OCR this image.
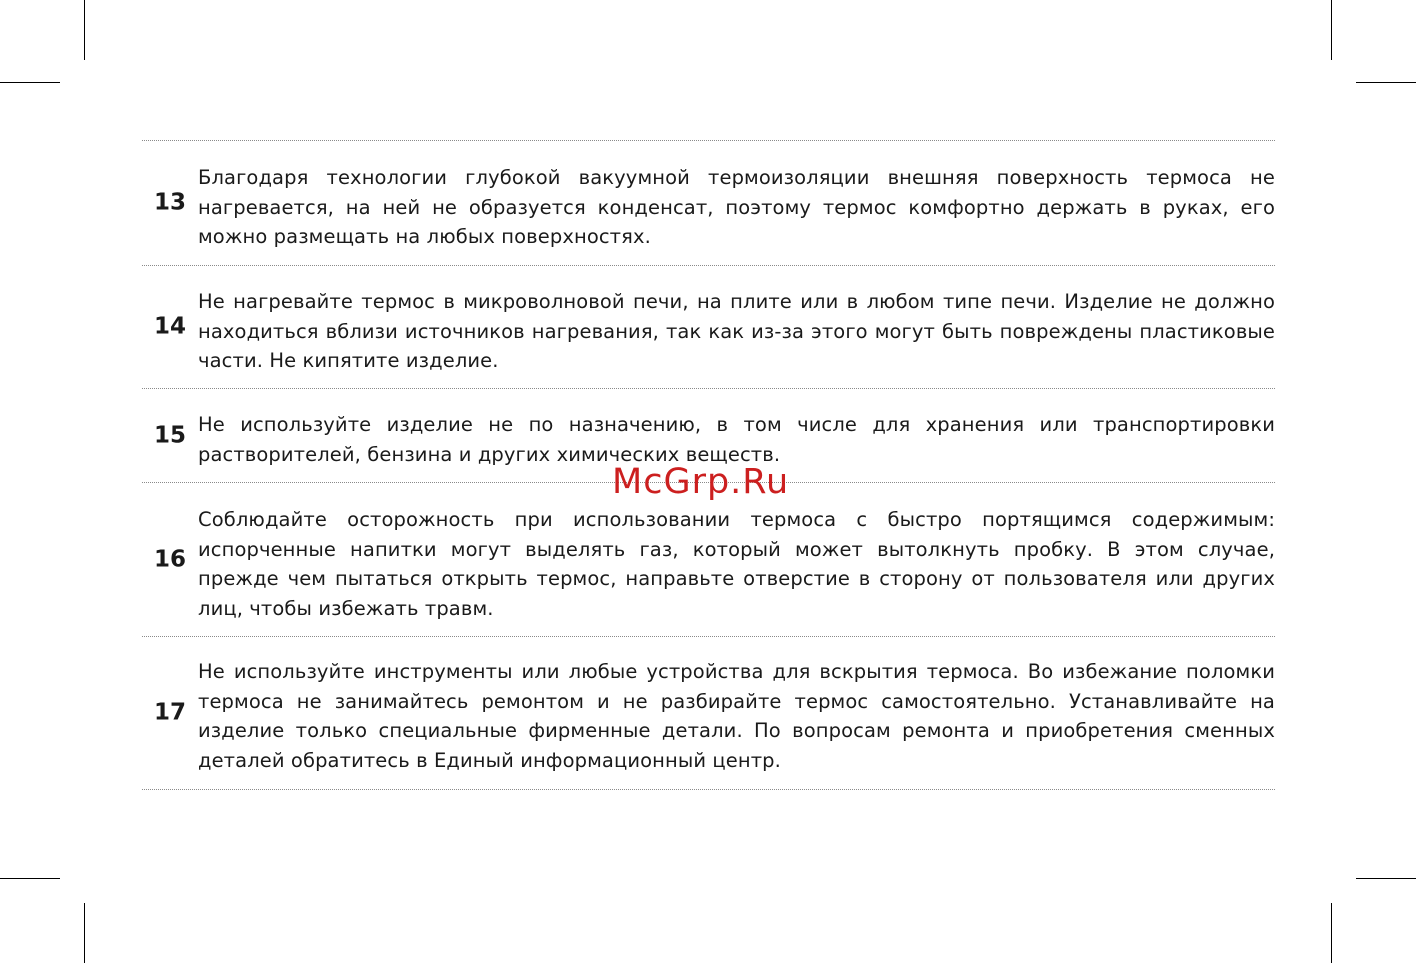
13
Благодаря технологии глубокой вакуумной термоизоляции внешняя поверхность термоса не нагревается, на ней не образуется конденсат, поэтому термос комфортно держать в руках, его можно размещать на любых поверхностях.
14
Не нагревайте термос в микроволновой печи, на плите или в любом типе печи. Изделие не должно находиться вблизи источников нагревания, так как из-за этого могут быть повреждены пластиковые части. Не кипятите изделие.
15 Не используйте изделие не по назначению, в том числе для хранения или транспортировки растворителей, бензина и других химических веществ.
16
Соблюдайте осторожность при использовании термоса с быстро портящимся содержимым: испорченные напитки могут выделять газ, который может вытолкнуть пробку. В этом случае, прежде чем пытаться открыть термос, направьте отверстие в сторону от пользователя или других лиц, чтобы избежать травм.
17
Не используйте инструменты или любые устройства для вскрытия термоса. Во избежание поломки термоса не занимайтесь ремонтом и не разбирайте термос самостоятельно. Устанавливайте на изделие только специальные фирменные детали. По вопросам ремонта и приобретения сменных деталей обратитесь в Единый информационный центр.
McGrp.Ru
